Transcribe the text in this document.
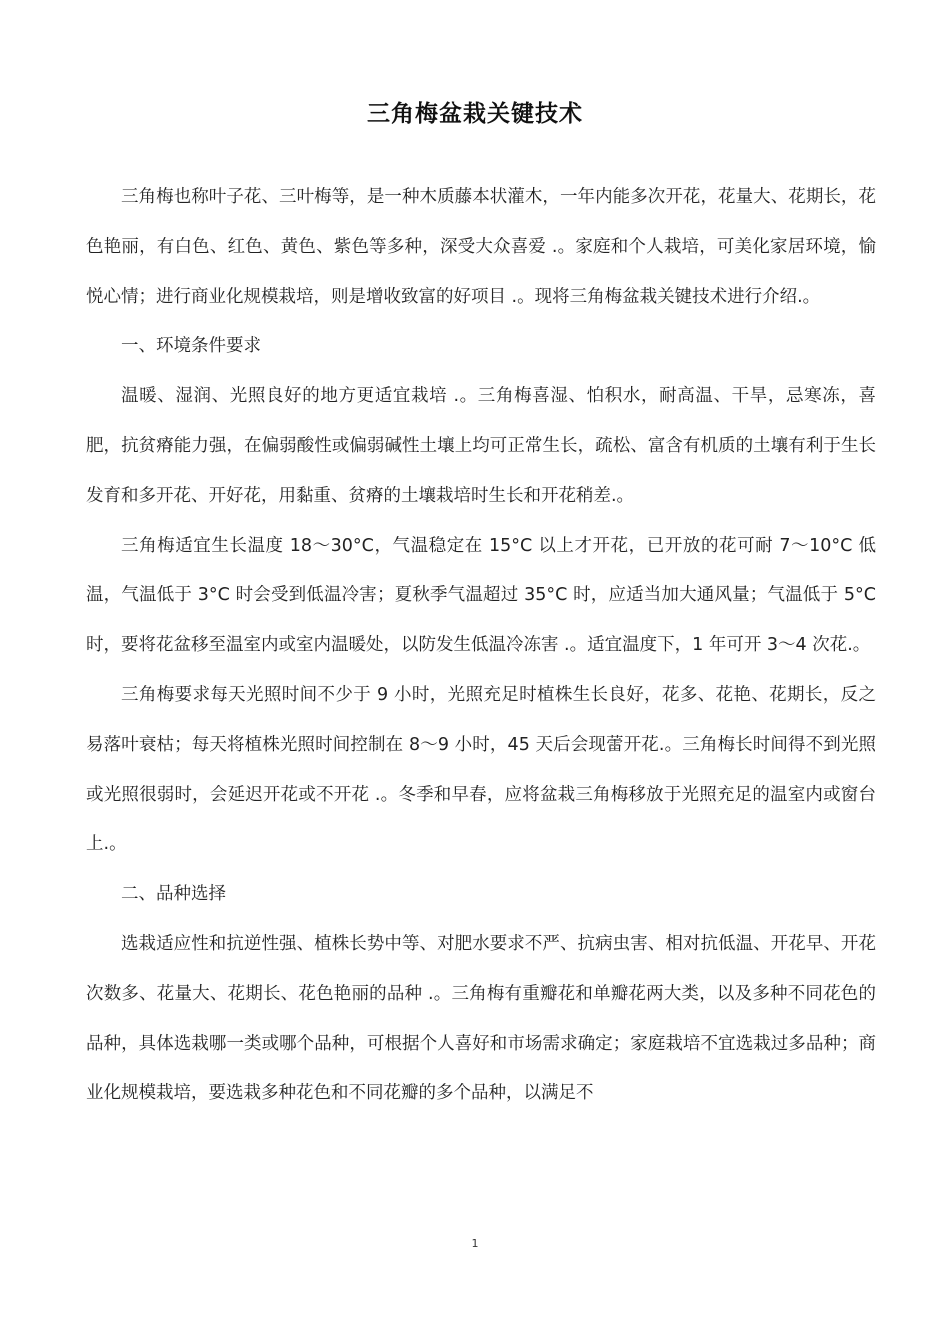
三角梅盆栽关键技术

三角梅也称叶子花、三叶梅等，是一种木质藤本状灌木，一年内能多次开花，花量大、花期长，花色艳丽，有白色、红色、黄色、紫色等多种，深受大众喜爱 .。家庭和个人栽培，可美化家居环境，愉悦心情；进行商业化规模栽培，则是增收致富的好项目 .。现将三角梅盆栽关键技术进行介绍.。

一、环境条件要求

温暖、湿润、光照良好的地方更适宜栽培 .。三角梅喜湿、怕积水，耐高温、干旱，忌寒冻，喜肥，抗贫瘠能力强，在偏弱酸性或偏弱碱性土壤上均可正常生长，疏松、富含有机质的土壤有利于生长发育和多开花、开好花，用黏重、贫瘠的土壤栽培时生长和开花稍差.。

三角梅适宜生长温度 18～30°C，气温稳定在 15°C 以上才开花，已开放的花可耐 7～10°C 低温，气温低于 3°C 时会受到低温冷害；夏秋季气温超过 35°C 时，应适当加大通风量；气温低于 5°C 时，要将花盆移至温室内或室内温暖处，以防发生低温冷冻害 .。适宜温度下，1 年可开 3～4 次花.。

三角梅要求每天光照时间不少于 9 小时，光照充足时植株生长良好，花多、花艳、花期长，反之易落叶衰枯；每天将植株光照时间控制在 8～9 小时，45 天后会现蕾开花.。三角梅长时间得不到光照或光照很弱时，会延迟开花或不开花 .。冬季和早春，应将盆栽三角梅移放于光照充足的温室内或窗台上.。

二、品种选择

选栽适应性和抗逆性强、植株长势中等、对肥水要求不严、抗病虫害、相对抗低温、开花早、开花次数多、花量大、花期长、花色艳丽的品种 .。三角梅有重瓣花和单瓣花两大类，以及多种不同花色的品种，具体选栽哪一类或哪个品种，可根据个人喜好和市场需求确定；家庭栽培不宜选栽过多品种；商业化规模栽培，要选栽多种花色和不同花瓣的多个品种，以满足不

1
